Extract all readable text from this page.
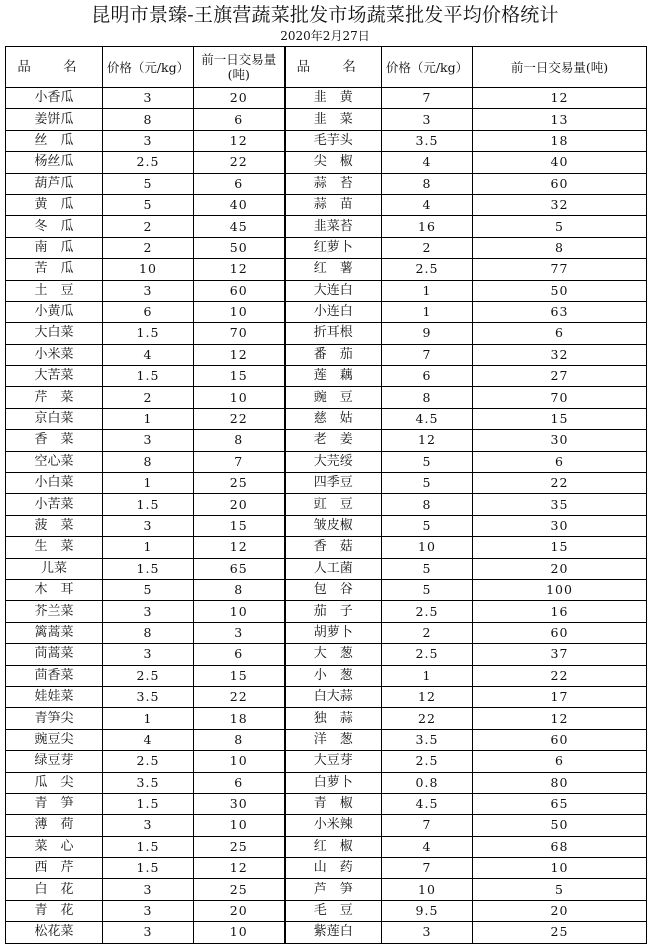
昆明市景臻-王旗营蔬菜批发市场蔬菜批发平均价格统计
2020年2月27日
品 名	价格（元/kg）	前一日交易量(吨)	品 名	价格（元/kg）	前一日交易量(吨)
小香瓜	3	20	韭　黄	7	12
姜饼瓜	8	6	韭　菜	3	13
丝　瓜	3	12	毛芋头	3.5	18
杨丝瓜	2.5	22	尖　椒	4	40
葫芦瓜	5	6	蒜　苔	8	60
黄　瓜	5	40	蒜　苗	4	32
冬　瓜	2	45	韭菜苔	16	5
南　瓜	2	50	红萝卜	2	8
苦　瓜	10	12	红　薯	2.5	77
土　豆	3	60	大连白	1	50
小黄瓜	6	10	小连白	1	63
大白菜	1.5	70	折耳根	9	6
小米菜	4	12	番　茄	7	32
大苦菜	1.5	15	莲　藕	6	27
芹　菜	2	10	豌　豆	8	70
京白菜	1	22	慈　姑	4.5	15
香　菜	3	8	老　姜	12	30
空心菜	8	7	大芫绥	5	6
小白菜	1	25	四季豆	5	22
小苦菜	1.5	20	豇　豆	8	35
菠　菜	3	15	皱皮椒	5	30
生　菜	1	12	香　菇	10	15
儿菜	1.5	65	人工菌	5	20
木　耳	5	8	包　谷	5	100
芥兰菜	3	10	茄　子	2.5	16
篱蒿菜	8	3	胡萝卜	2	60
茼蒿菜	3	6	大　葱	2.5	37
茴香菜	2.5	15	小　葱	1	22
娃娃菜	3.5	22	白大蒜	12	17
青笋尖	1	18	独　蒜	22	12
豌豆尖	4	8	洋　葱	3.5	60
绿豆芽	2.5	10	大豆芽	2.5	6
瓜　尖	3.5	6	白萝卜	0.8	80
青　笋	1.5	30	青　椒	4.5	65
薄　荷	3	10	小米辣	7	50
菜　心	1.5	25	红　椒	4	68
西　芹	1.5	12	山　药	7	10
白　花	3	25	芦　笋	10	5
青　花	3	20	毛　豆	9.5	20
松花菜	3	10	紫莲白	3	25
